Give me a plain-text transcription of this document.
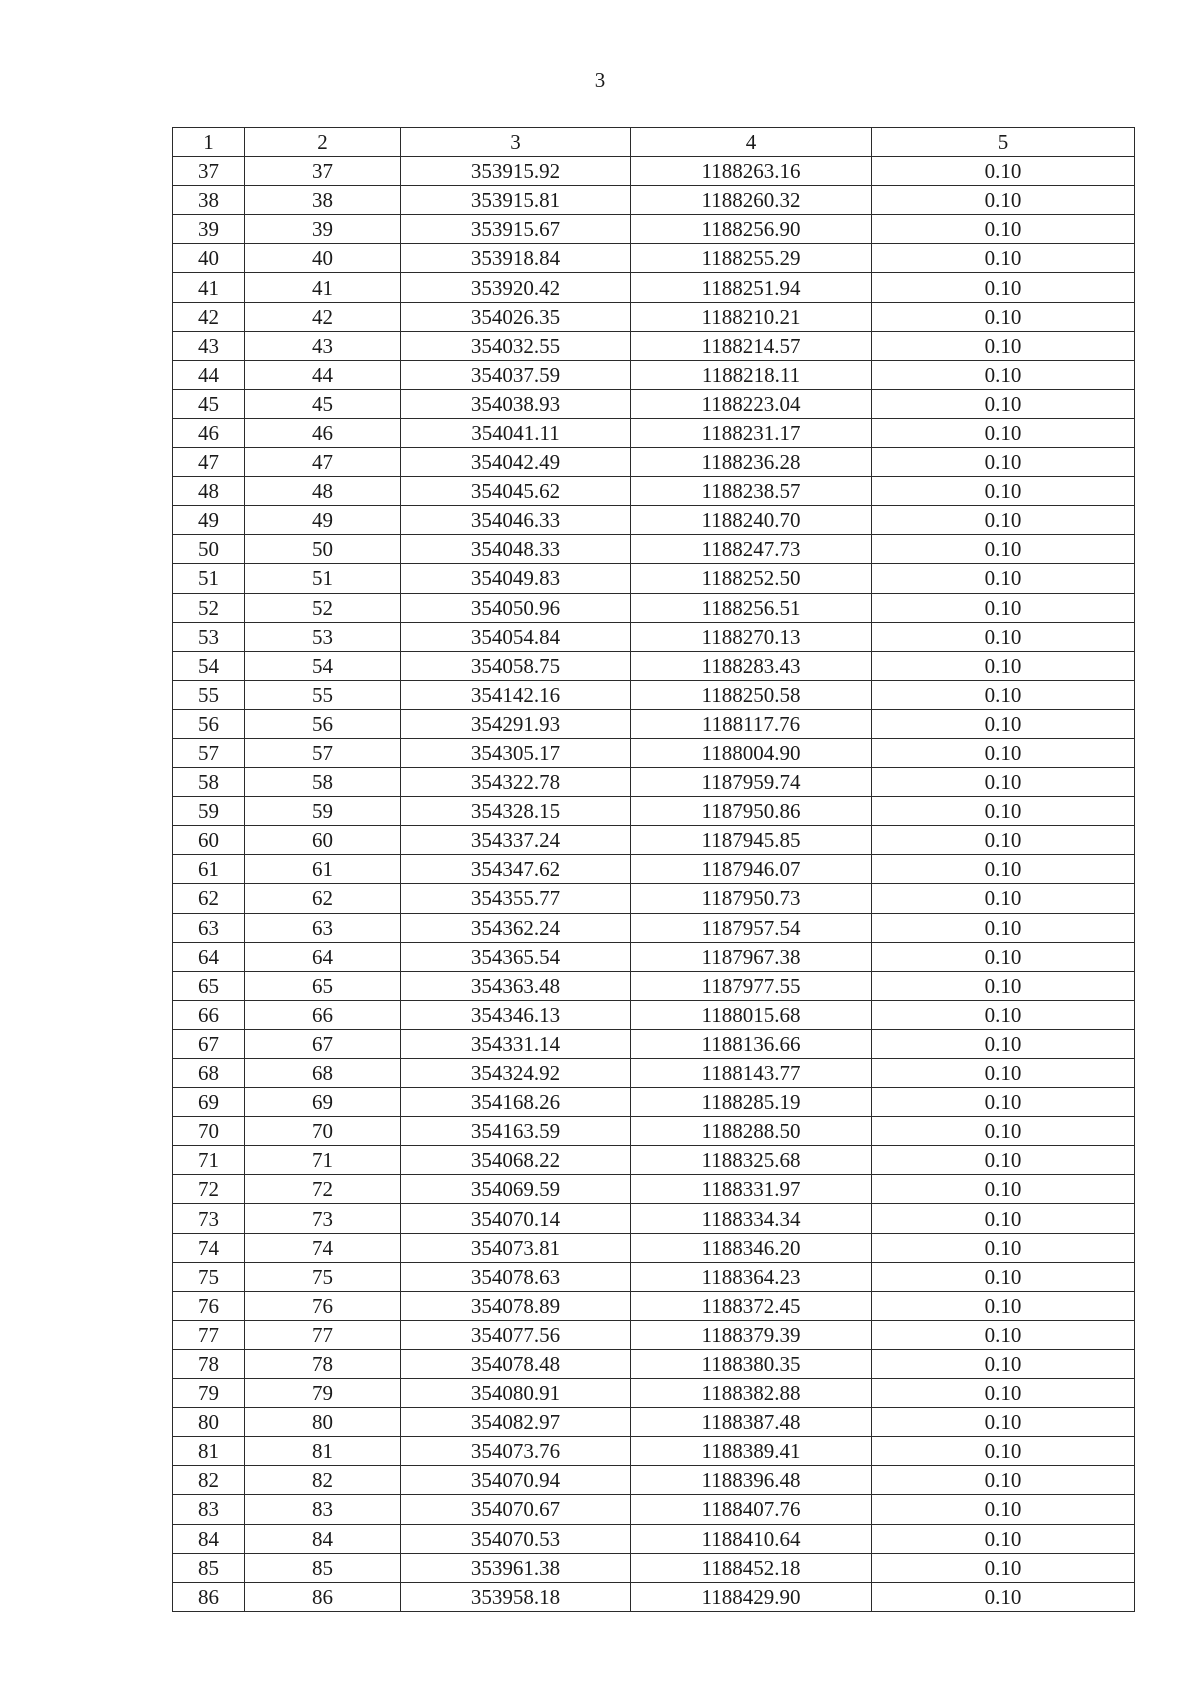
3
1	2	3	4	5
37	37	353915.92	1188263.16	0.10
38	38	353915.81	1188260.32	0.10
39	39	353915.67	1188256.90	0.10
40	40	353918.84	1188255.29	0.10
41	41	353920.42	1188251.94	0.10
42	42	354026.35	1188210.21	0.10
43	43	354032.55	1188214.57	0.10
44	44	354037.59	1188218.11	0.10
45	45	354038.93	1188223.04	0.10
46	46	354041.11	1188231.17	0.10
47	47	354042.49	1188236.28	0.10
48	48	354045.62	1188238.57	0.10
49	49	354046.33	1188240.70	0.10
50	50	354048.33	1188247.73	0.10
51	51	354049.83	1188252.50	0.10
52	52	354050.96	1188256.51	0.10
53	53	354054.84	1188270.13	0.10
54	54	354058.75	1188283.43	0.10
55	55	354142.16	1188250.58	0.10
56	56	354291.93	1188117.76	0.10
57	57	354305.17	1188004.90	0.10
58	58	354322.78	1187959.74	0.10
59	59	354328.15	1187950.86	0.10
60	60	354337.24	1187945.85	0.10
61	61	354347.62	1187946.07	0.10
62	62	354355.77	1187950.73	0.10
63	63	354362.24	1187957.54	0.10
64	64	354365.54	1187967.38	0.10
65	65	354363.48	1187977.55	0.10
66	66	354346.13	1188015.68	0.10
67	67	354331.14	1188136.66	0.10
68	68	354324.92	1188143.77	0.10
69	69	354168.26	1188285.19	0.10
70	70	354163.59	1188288.50	0.10
71	71	354068.22	1188325.68	0.10
72	72	354069.59	1188331.97	0.10
73	73	354070.14	1188334.34	0.10
74	74	354073.81	1188346.20	0.10
75	75	354078.63	1188364.23	0.10
76	76	354078.89	1188372.45	0.10
77	77	354077.56	1188379.39	0.10
78	78	354078.48	1188380.35	0.10
79	79	354080.91	1188382.88	0.10
80	80	354082.97	1188387.48	0.10
81	81	354073.76	1188389.41	0.10
82	82	354070.94	1188396.48	0.10
83	83	354070.67	1188407.76	0.10
84	84	354070.53	1188410.64	0.10
85	85	353961.38	1188452.18	0.10
86	86	353958.18	1188429.90	0.10
